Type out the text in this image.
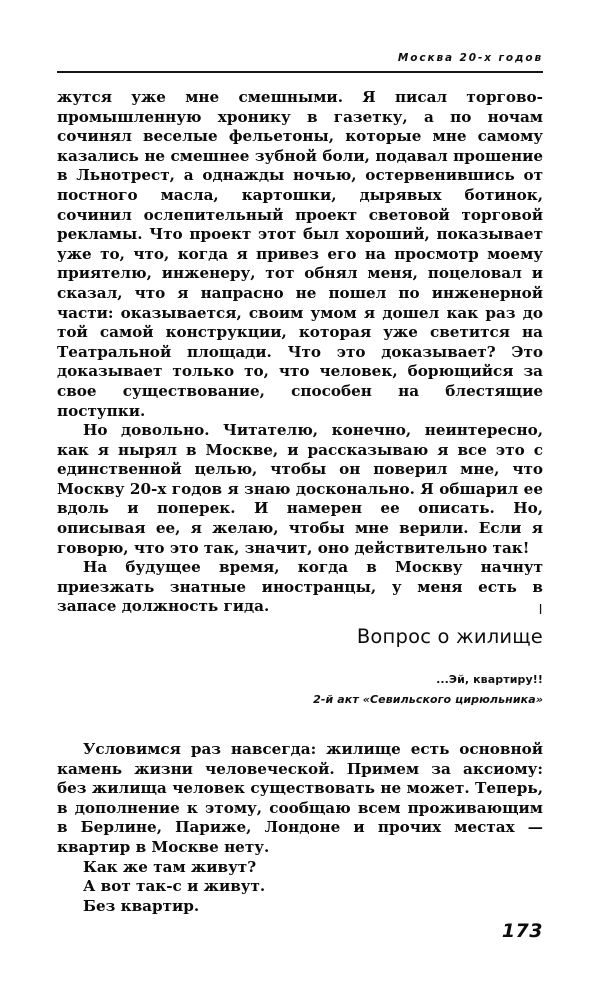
Москва 20-х годов

жутся уже мне смешными. Я писал торгово-промышленную хронику в газетку, а по ночам сочинял веселые фельетоны, которые мне самому казались не смешнее зубной боли, подавал прошение в Льнотрест, а однажды ночью, остервенившись от постного масла, картошки, дырявых ботинок, сочинил ослепительный проект световой торговой рекламы. Что проект этот был хороший, показывает уже то, что, когда я привез его на просмотр моему приятелю, инженеру, тот обнял меня, поцеловал и сказал, что я напрасно не пошел по инженерной части: оказывается, своим умом я дошел как раз до той самой конструкции, которая уже светится на Театральной площади. Что это доказывает? Это доказывает только то, что человек, борющийся за свое существование, способен на блестящие поступки.

Но довольно. Читателю, конечно, неинтересно, как я нырял в Москве, и рассказываю я все это с единственной целью, чтобы он поверил мне, что Москву 20-х годов я знаю досконально. Я обшарил ее вдоль и поперек. И намерен ее описать. Но, описывая ее, я желаю, чтобы мне верили. Если я говорю, что это так, значит, оно действительно так!

На будущее время, когда в Москву начнут приезжать знатные иностранцы, у меня есть в запасе должность гида.	I
Вопрос о жилище
...Эй, квартиру!!
2-й акт «Севильского цирюльника»

Условимся раз навсегда: жилище есть основной камень жизни человеческой. Примем за аксиому: без жилища человек существовать не может. Теперь, в дополнение к этому, сообщаю всем проживающим в Берлине, Париже, Лондоне и прочих местах — квартир в Москве нету.

Как же там живут?
А вот так-с и живут.
Без квартир.
173
